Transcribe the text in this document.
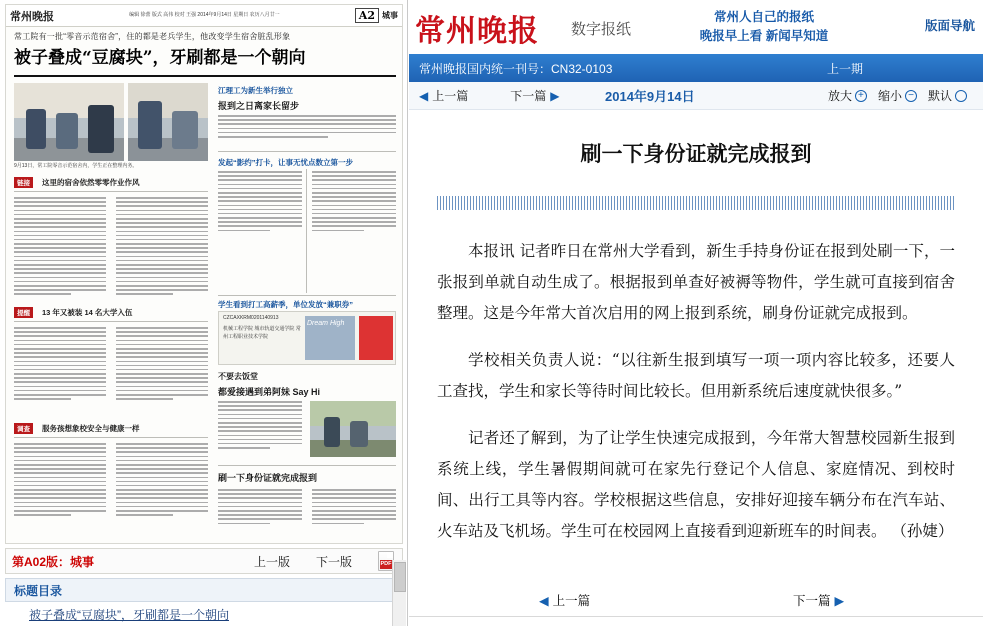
常州晚报	编辑 徐蕾 版式 高伟 校对 王强 2014年9月14日 星期日 农历八月廿一	A2 城事
常工院有一批“零音示范宿舍”，住的都是老兵学生，他改变学生宿舍脏乱形象
被子叠成“豆腐块”，牙刷都是一个朝向
9月13日，常工院零音示范宿舍内，学生正在整理内务。
江理工为新生举行独立
报到之日离家长留步
发起“影约”打卡，让事无忧点数立第一步
学生看到打工高薪季，单位发放“兼职券”
链接	这里的宿舍依然零零作业作风
提醒	13 年又被装 14 名大学入伍
调查	服务孩想象校安全与健康一样
CZCAXKRM0201140913
机械工程学院 城市轨道交通学院 常州工程职业技术学院
Dream High
不要去饭堂
都爱接遇到弟阿妹 Say Hi
刷一下身份证就完成报到
第A02版：城事	上一版 下一版	PDF
标题目录
被子叠成“豆腐块”，牙刷都是一个朝向
常州晚报 数字报纸
常州人自己的报纸
晚报早上看 新闻早知道
版面导航
常州晚报国内统一刊号：CN32-0103	上一期
◀ 上一篇	下一篇 ▶	2014年9月14日	放大 + 缩小 − 默认
刷一下身份证就完成报到

本报讯 记者昨日在常州大学看到，新生手持身份证在报到处刷一下，一张报到单就自动生成了。根据报到单查好被褥等物件，学生就可直接到宿舍整理。这是今年常大首次启用的网上报到系统，刷身份证就完成报到。

学校相关负责人说：“以往新生报到填写一项一项内容比较多，还要人工查找，学生和家长等待时间比较长。但用新系统后速度就快很多。”

记者还了解到，为了让学生快速完成报到，今年常大智慧校园新生报到系统上线，学生暑假期间就可在家先行登记个人信息、家庭情况、到校时间、出行工具等内容。学校根据这些信息，安排好迎接车辆分布在汽车站、火车站及飞机场。学生可在校园网上直接看到迎新班车的时间表。 （孙婕）

◀ 上一篇	下一篇 ▶
